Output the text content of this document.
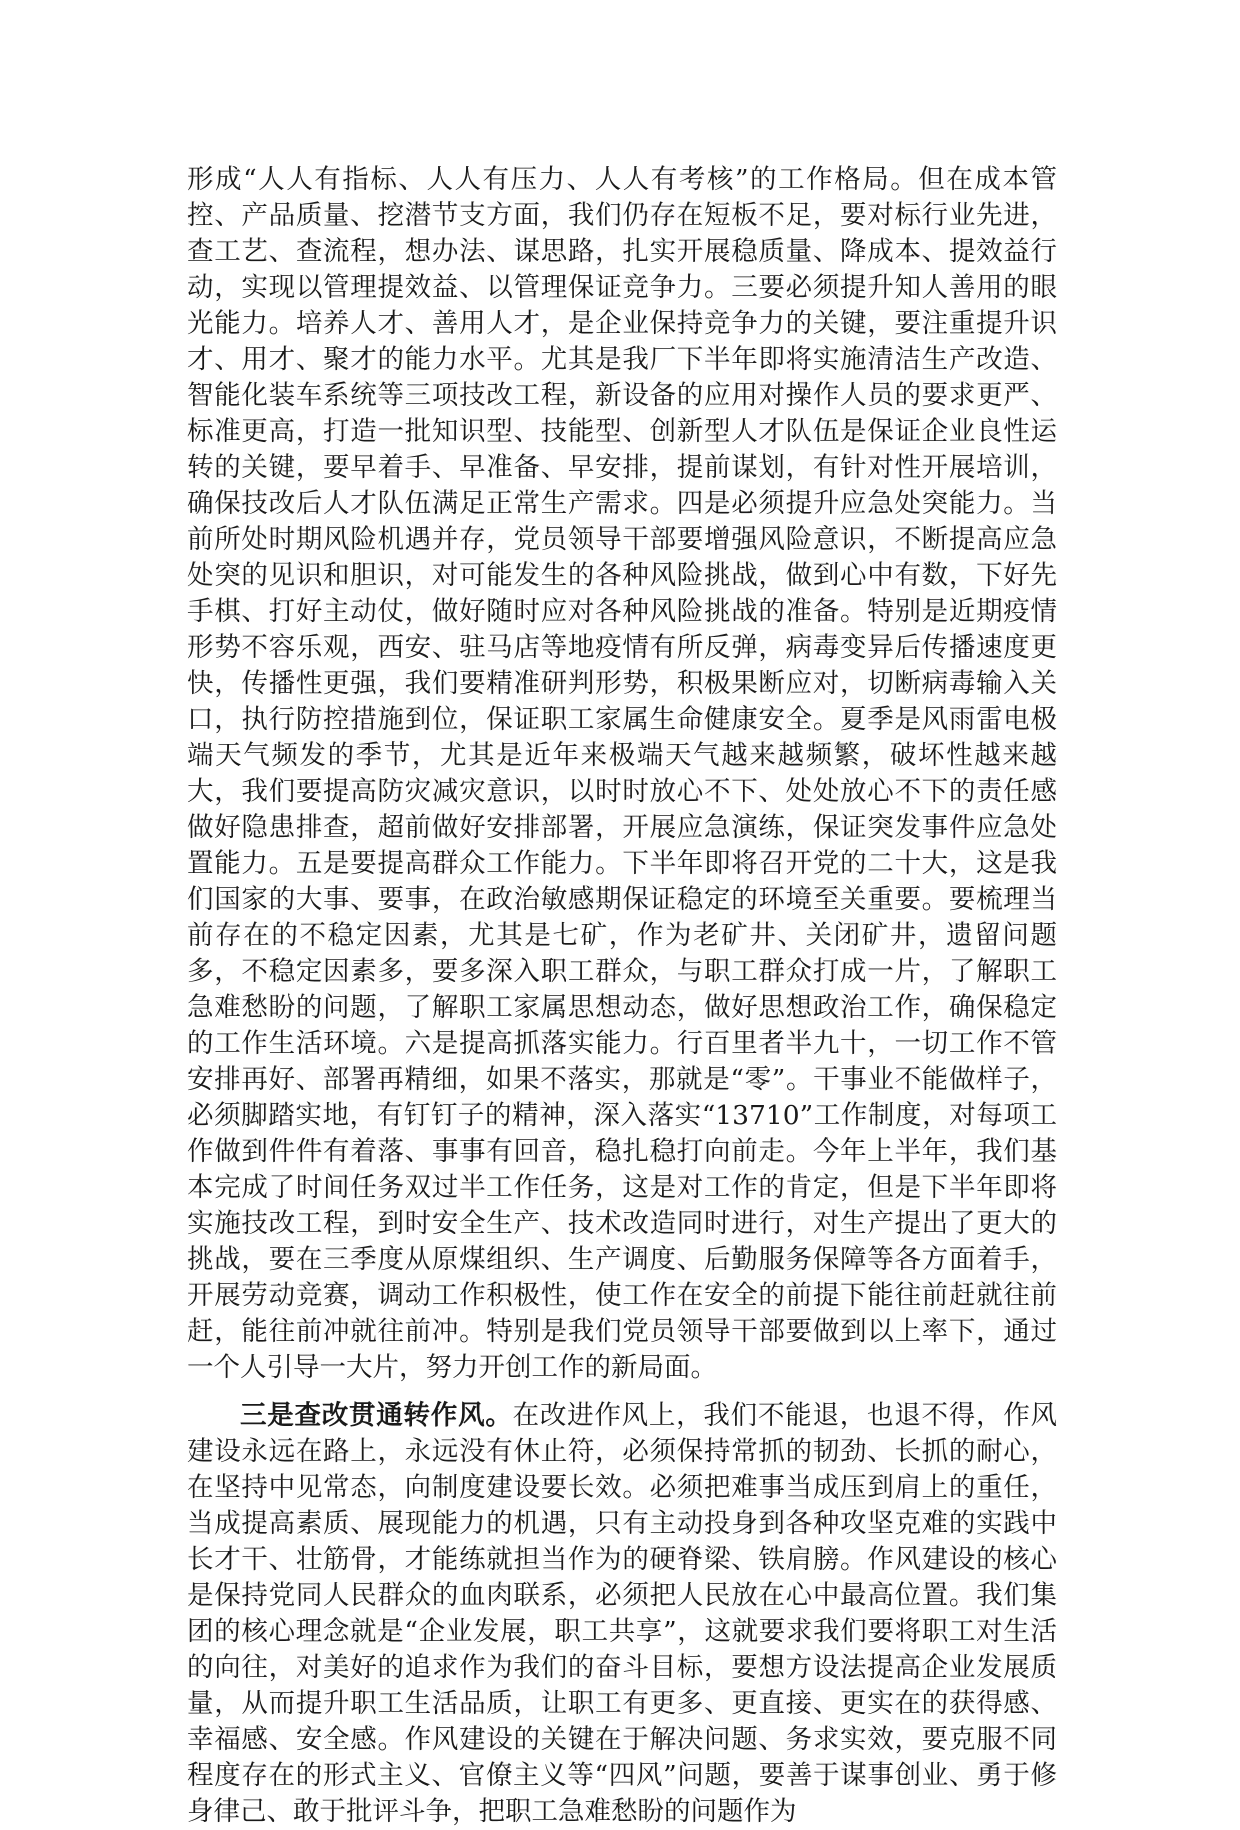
形成“人人有指标、人人有压力、人人有考核”的工作格局。但在成本管控、产品质量、挖潜节支方面，我们仍存在短板不足，要对标行业先进，查工艺、查流程，想办法、谋思路，扎实开展稳质量、降成本、提效益行动，实现以管理提效益、以管理保证竞争力。三要必须提升知人善用的眼光能力。培养人才、善用人才，是企业保持竞争力的关键，要注重提升识才、用才、聚才的能力水平。尤其是我厂下半年即将实施清洁生产改造、智能化装车系统等三项技改工程，新设备的应用对操作人员的要求更严、标准更高，打造一批知识型、技能型、创新型人才队伍是保证企业良性运转的关键，要早着手、早准备、早安排，提前谋划，有针对性开展培训，确保技改后人才队伍满足正常生产需求。四是必须提升应急处突能力。当前所处时期风险机遇并存，党员领导干部要增强风险意识，不断提高应急处突的见识和胆识，对可能发生的各种风险挑战，做到心中有数，下好先手棋、打好主动仗，做好随时应对各种风险挑战的准备。特别是近期疫情形势不容乐观，西安、驻马店等地疫情有所反弹，病毒变异后传播速度更快，传播性更强，我们要精准研判形势，积极果断应对，切断病毒输入关口，执行防控措施到位，保证职工家属生命健康安全。夏季是风雨雷电极端天气频发的季节，尤其是近年来极端天气越来越频繁，破坏性越来越大，我们要提高防灾减灾意识，以时时放心不下、处处放心不下的责任感做好隐患排查，超前做好安排部署，开展应急演练，保证突发事件应急处置能力。五是要提高群众工作能力。下半年即将召开党的二十大，这是我们国家的大事、要事，在政治敏感期保证稳定的环境至关重要。要梳理当前存在的不稳定因素，尤其是七矿，作为老矿井、关闭矿井，遗留问题多，不稳定因素多，要多深入职工群众，与职工群众打成一片，了解职工急难愁盼的问题，了解职工家属思想动态，做好思想政治工作，确保稳定的工作生活环境。六是提高抓落实能力。行百里者半九十，一切工作不管安排再好、部署再精细，如果不落实，那就是“零”。干事业不能做样子，必须脚踏实地，有钉钉子的精神，深入落实“13710”工作制度，对每项工作做到件件有着落、事事有回音，稳扎稳打向前走。今年上半年，我们基本完成了时间任务双过半工作任务，这是对工作的肯定，但是下半年即将实施技改工程，到时安全生产、技术改造同时进行，对生产提出了更大的挑战，要在三季度从原煤组织、生产调度、后勤服务保障等各方面着手，开展劳动竞赛，调动工作积极性，使工作在安全的前提下能往前赶就往前赶，能往前冲就往前冲。特别是我们党员领导干部要做到以上率下，通过一个人引导一大片，努力开创工作的新局面。

三是查改贯通转作风。在改进作风上，我们不能退，也退不得，作风建设永远在路上，永远没有休止符，必须保持常抓的韧劲、长抓的耐心，在坚持中见常态，向制度建设要长效。必须把难事当成压到肩上的重任，当成提高素质、展现能力的机遇，只有主动投身到各种攻坚克难的实践中长才干、壮筋骨，才能练就担当作为的硬脊梁、铁肩膀。作风建设的核心是保持党同人民群众的血肉联系，必须把人民放在心中最高位置。我们集团的核心理念就是“企业发展，职工共享”，这就要求我们要将职工对生活的向往，对美好的追求作为我们的奋斗目标，要想方设法提高企业发展质量，从而提升职工生活品质，让职工有更多、更直接、更实在的获得感、幸福感、安全感。作风建设的关键在于解决问题、务求实效，要克服不同程度存在的形式主义、官僚主义等“四风”问题，要善于谋事创业、勇于修身律己、敢于批评斗争，把职工急难愁盼的问题作为
